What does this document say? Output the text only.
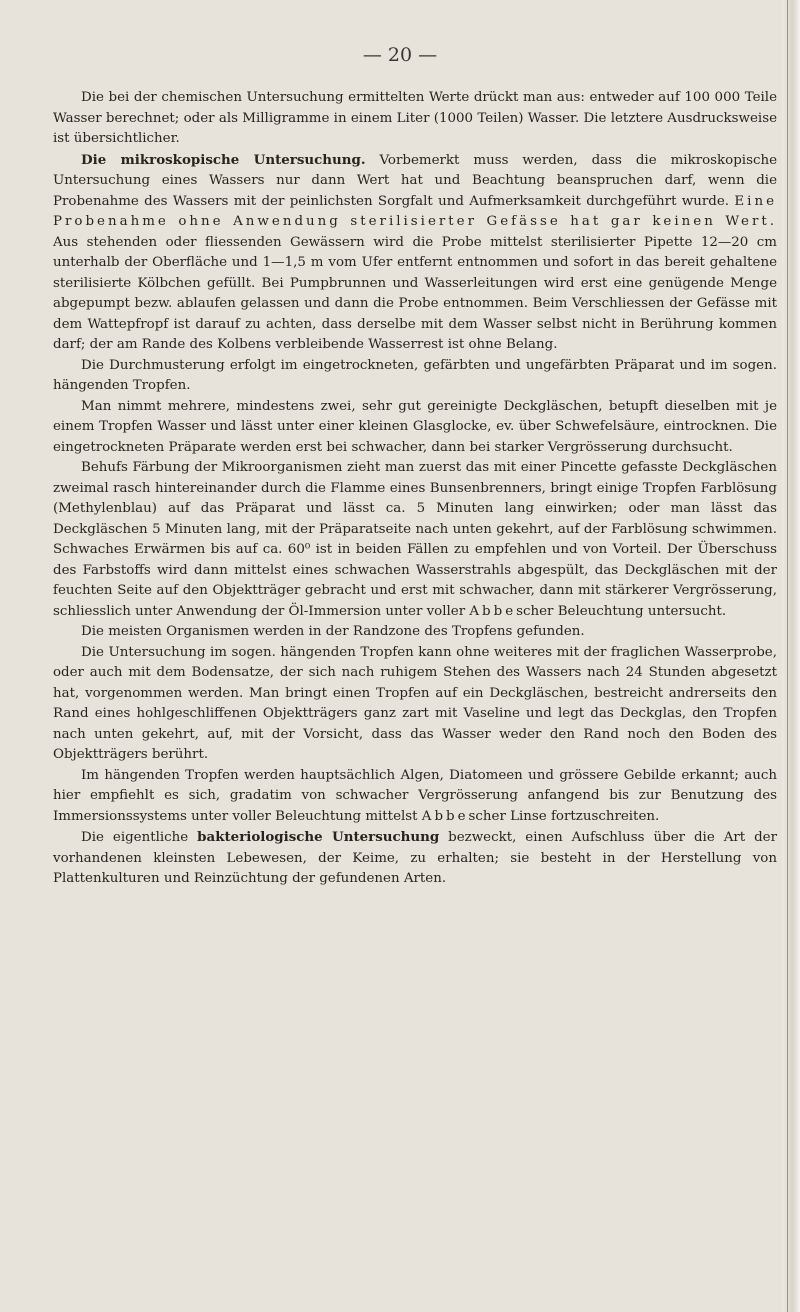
— 20 —

Die bei der chemischen Untersuchung ermittelten Werte drückt man aus: entweder auf 100 000 Teile Wasser berechnet; oder als Milligramme in einem Liter (1000 Teilen) Wasser. Die letztere Ausdrucksweise ist übersichtlicher.

Die mikroskopische Untersuchung. Vorbemerkt muss werden, dass die mikroskopische Untersuchung eines Wassers nur dann Wert hat und Beachtung beanspruchen darf, wenn die Probenahme des Wassers mit der peinlichsten Sorgfalt und Aufmerksamkeit durchgeführt wurde. Eine Probenahme ohne Anwendung sterilisierter Gefässe hat gar keinen Wert. Aus stehenden oder fliessenden Gewässern wird die Probe mittelst sterilisierter Pipette 12—20 cm unterhalb der Oberfläche und 1—1,5 m vom Ufer entfernt entnommen und sofort in das bereit gehaltene sterilisierte Kölbchen gefüllt. Bei Pumpbrunnen und Wasserleitungen wird erst eine genügende Menge abgepumpt bezw. ablaufen gelassen und dann die Probe entnommen. Beim Verschliessen der Gefässe mit dem Wattepfropf ist darauf zu achten, dass derselbe mit dem Wasser selbst nicht in Berührung kommen darf; der am Rande des Kolbens verbleibende Wasserrest ist ohne Belang.

Die Durchmusterung erfolgt im eingetrockneten, gefärbten und ungefärbten Präparat und im sogen. hängenden Tropfen.

Man nimmt mehrere, mindestens zwei, sehr gut gereinigte Deckgläschen, betupft dieselben mit je einem Tropfen Wasser und lässt unter einer kleinen Glasglocke, ev. über Schwefelsäure, eintrocknen. Die eingetrockneten Präparate werden erst bei schwacher, dann bei starker Vergrösserung durchsucht.

Behufs Färbung der Mikroorganismen zieht man zuerst das mit einer Pincette gefasste Deckgläschen zweimal rasch hintereinander durch die Flamme eines Bunsenbrenners, bringt einige Tropfen Farblösung (Methylenblau) auf das Präparat und lässt ca. 5 Minuten lang einwirken; oder man lässt das Deckgläschen 5 Minuten lang, mit der Präparatseite nach unten gekehrt, auf der Farblösung schwimmen. Schwaches Erwärmen bis auf ca. 60⁰ ist in beiden Fällen zu empfehlen und von Vorteil. Der Überschuss des Farbstoffs wird dann mittelst eines schwachen Wasserstrahls abgespült, das Deckgläschen mit der feuchten Seite auf den Objektträger gebracht und erst mit schwacher, dann mit stärkerer Vergrösserung, schliesslich unter Anwendung der Öl-Immersion unter voller Abbescher Beleuchtung untersucht.

Die meisten Organismen werden in der Randzone des Tropfens gefunden.

Die Untersuchung im sogen. hängenden Tropfen kann ohne weiteres mit der fraglichen Wasserprobe, oder auch mit dem Bodensatze, der sich nach ruhigem Stehen des Wassers nach 24 Stunden abgesetzt hat, vorgenommen werden. Man bringt einen Tropfen auf ein Deckgläschen, bestreicht andrerseits den Rand eines hohlgeschliffenen Objektträgers ganz zart mit Vaseline und legt das Deckglas, den Tropfen nach unten gekehrt, auf, mit der Vorsicht, dass das Wasser weder den Rand noch den Boden des Objektträgers berührt.

Im hängenden Tropfen werden hauptsächlich Algen, Diatomeen und grössere Gebilde erkannt; auch hier empfiehlt es sich, gradatim von schwacher Vergrösserung anfangend bis zur Benutzung des Immersionssystems unter voller Beleuchtung mittelst Abbescher Linse fortzuschreiten.

Die eigentliche bakteriologische Untersuchung bezweckt, einen Aufschluss über die Art der vorhandenen kleinsten Lebewesen, der Keime, zu erhalten; sie besteht in der Herstellung von Plattenkulturen und Reinzüchtung der gefundenen Arten.
